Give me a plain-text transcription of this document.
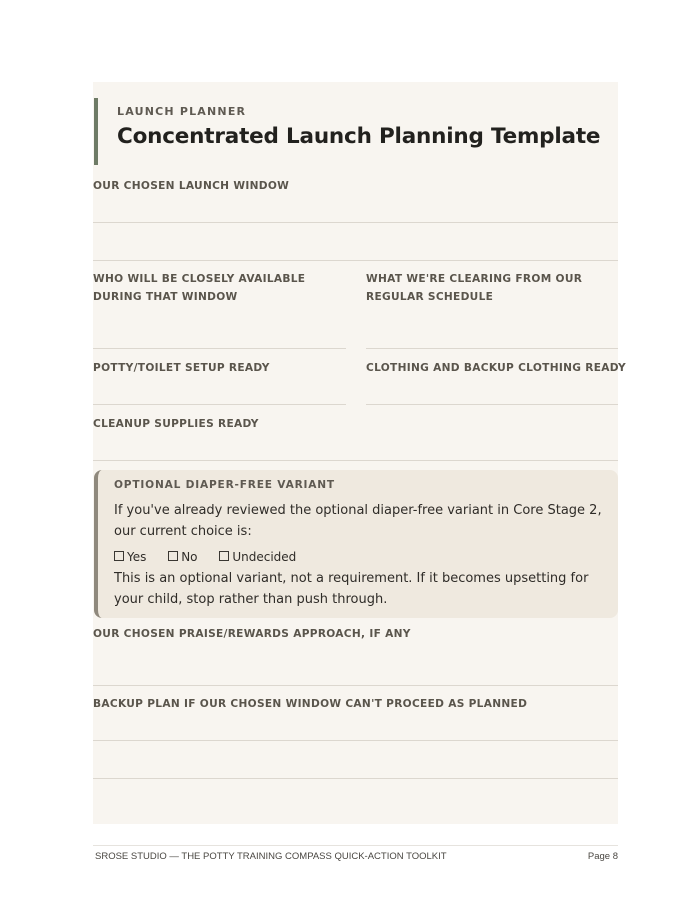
LAUNCH PLANNER
Concentrated Launch Planning Template
OUR CHOSEN LAUNCH WINDOW
WHO WILL BE CLOSELY AVAILABLE DURING THAT WINDOW
WHAT WE'RE CLEARING FROM OUR REGULAR SCHEDULE
POTTY/TOILET SETUP READY	CLOTHING AND BACKUP CLOTHING READY
CLEANUP SUPPLIES READY
OPTIONAL DIAPER-FREE VARIANT
If you've already reviewed the optional diaper-free variant in Core Stage 2, our current choice is:
Yes	No	Undecided
This is an optional variant, not a requirement. If it becomes upsetting for your child, stop rather than push through.
OUR CHOSEN PRAISE/REWARDS APPROACH, IF ANY
BACKUP PLAN IF OUR CHOSEN WINDOW CAN'T PROCEED AS PLANNED
SROSE STUDIO — THE POTTY TRAINING COMPASS QUICK-ACTION TOOLKIT	Page 8
